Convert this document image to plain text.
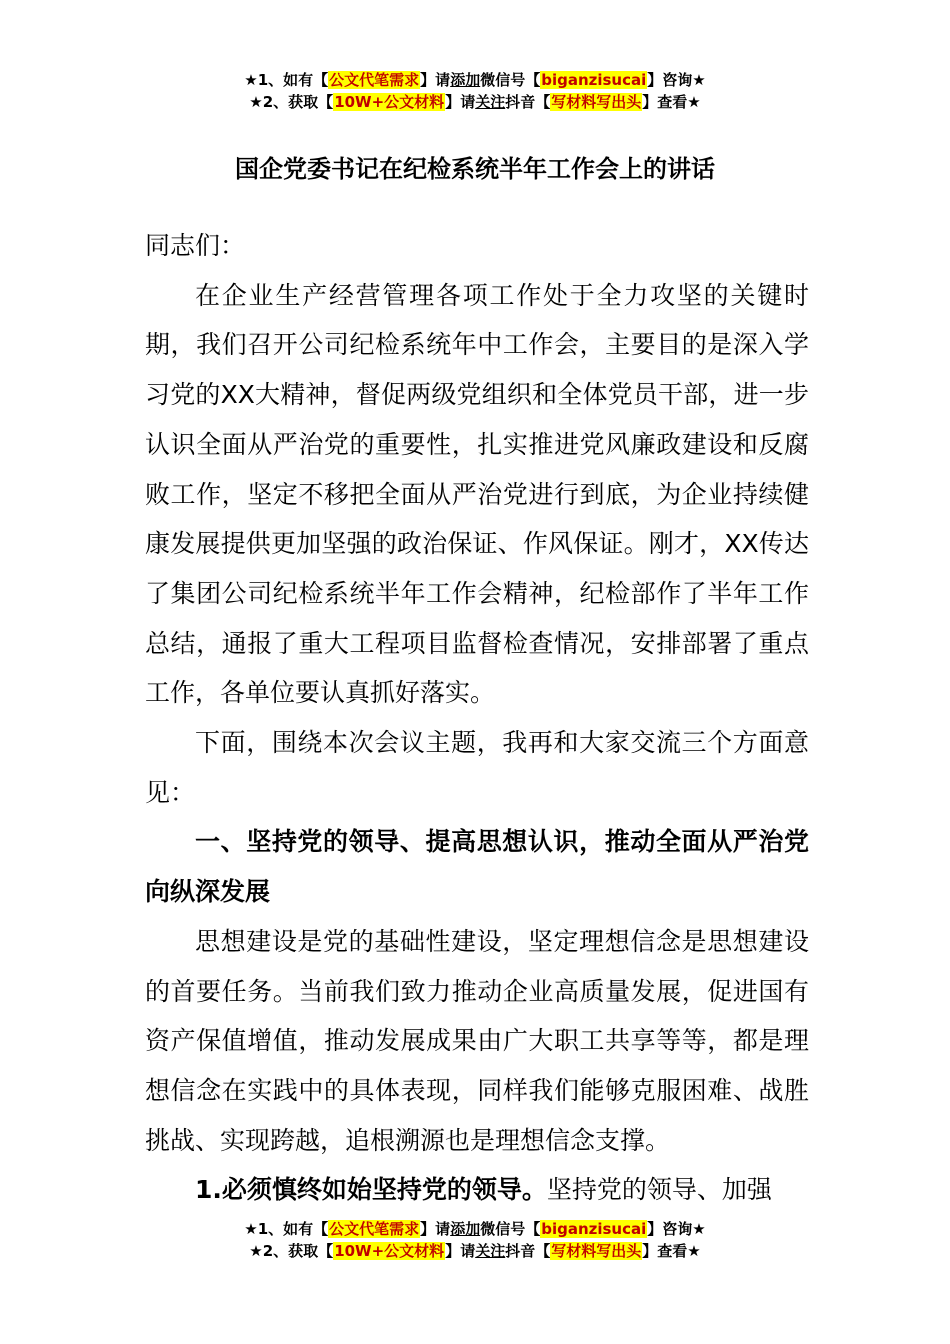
★1、如有【公文代笔需求】请添加微信号【biganzisucai】咨询★
★2、获取【10W+公文材料】请关注抖音【写材料写出头】查看★
国企党委书记在纪检系统半年工作会上的讲话

同志们：

在企业生产经营管理各项工作处于全力攻坚的关键时期，我们召开公司纪检系统年中工作会，主要目的是深入学习党的XX大精神，督促两级党组织和全体党员干部，进一步认识全面从严治党的重要性，扎实推进党风廉政建设和反腐败工作，坚定不移把全面从严治党进行到底，为企业持续健康发展提供更加坚强的政治保证、作风保证。刚才，XX传达了集团公司纪检系统半年工作会精神，纪检部作了半年工作总结，通报了重大工程项目监督检查情况，安排部署了重点工作，各单位要认真抓好落实。

下面，围绕本次会议主题，我再和大家交流三个方面意见：

一、坚持党的领导、提高思想认识，推动全面从严治党向纵深发展

思想建设是党的基础性建设，坚定理想信念是思想建设的首要任务。当前我们致力推动企业高质量发展，促进国有资产保值增值，推动发展成果由广大职工共享等等，都是理想信念在实践中的具体表现，同样我们能够克服困难、战胜挑战、实现跨越，追根溯源也是理想信念支撑。

1.必须慎终如始坚持党的领导。坚持党的领导、加强

★1、如有【公文代笔需求】请添加微信号【biganzisucai】咨询★
★2、获取【10W+公文材料】请关注抖音【写材料写出头】查看★
